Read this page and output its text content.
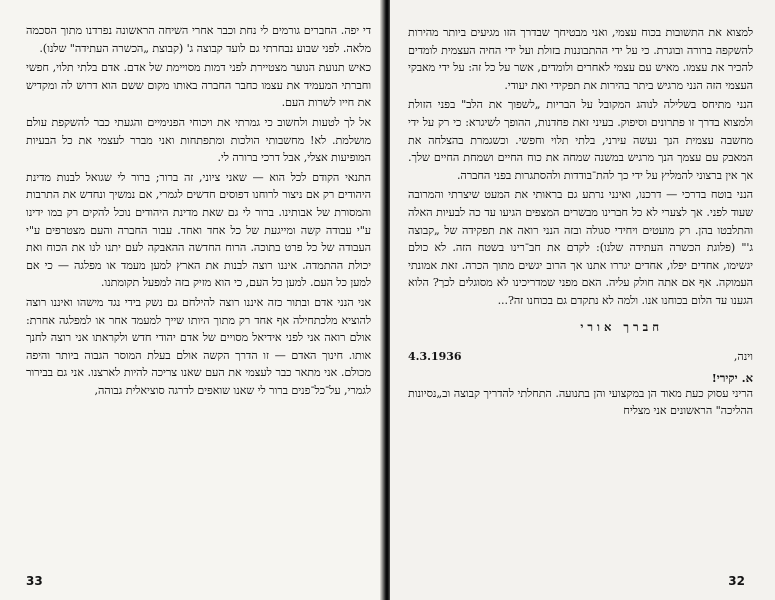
די יפה. החברים גורמים לי נחת וכבר אחרי השיחה הראשונה נפרדנו מתוך הסכמה מלאה. לפני שבוע נבחרתי גם לועד קבוצה ג' (קבוצת „הכשרה העתידה" שלנו).

כאיש תנועת הנוער מצטיירת לפני דמות מסויימת של אדם. אדם בלתי תלוי, חפשי וחברתי המעמיד את עצמו כחבר החברה באותו מקום ששם הוא דרוש לה ומקדיש את חייו לשרות העם.

אל לך לטעות ולחשוב כי גמרתי את ויכוחי הפנימיים והגעתי כבר להשקפת עולם מושלמת. לא! מחשבותי הולכות ומתפתחות ואני מברר לעצמי את כל הבעיות המופיעות אצלי, אבל דרכי ברורה לי.

התנאי הקודם לכל הוא — שאני ציוני, זה ברור; ברור לי שגואל לבנות מדינת היהודים רק אם ניצור לרוחנו דפוסים חדשים לגמרי, אם נמשיך ונחדש את התרבות והמסורת של אבותינו. ברור לי גם שאת מדינת היהודים נוכל להקים רק במו ידינו ע"י עבודה קשה ומייגעת של כל אחד ואחד. עבור החברה והעם מצטרפים ע"י העבודה של כל פרט בתוכה. הרוח החדשה ההאבקה לעם יתנו לנו את הכוח ואת יכולת ההתמדה. איננו רוצה לבנות את הארץ למען מעמד או מפלגה — כי אם למען כל העם. למען כל העם, כי הוא מזיק בזה למפעל תקומתנו.

אני הנני אדם ובתור כזה איננו רוצה להילחם גם נשק בידי נגד מישהו ואיננו רוצה להוציא מלכתחילה אף אחד רק מתוך היותו שייך למעמד אחר או למפלגה אחרת: אולם רואה אני לפני אידיאל מסויים של אדם יהודי חדש ולקראתו אני רוצה לחנך אותו. חינוך האדם — זו הדרך הקשה אולם בעלת המוסר הגבוה ביותר והיפה מכולם. אני מתאר כבר לעצמי את העם שאנו צריכה להיות לארצנו. אני גם בבירור לגמרי, על־כל־פנים ברור לי שאנו שואפים לדרגה סוציאלית גבוהה,

33

למצוא את התשובות בכוח עצמי, ואני מבטיחך שבדרך הזו מגיעים ביותר מהירות להשקפה ברורה ובוגרת. כי על ידי ההתבוננות בזולת ועל ידי החיה העצמית לומדים להכיר את עצמו. מאיש עם עצמי לאחרים ולומדים, אשר על כל זה: על ידי מאבקי העצמי הזה הנני מרגיש ביתר בהירות את תפקידי ואת יעודי.

הנני מתיחס בשלילה לנוהג המקובל על הבריות „לשפוך את הלב" בפני הזולת ולמצוא בדרך זו פתרונים וסיפוק. בעיני זאת פחדנות, ההופך לשיגרא: כי רק על ידי מחשבה עצמית הנך נעשה עירני, בלתי תלוי וחפשי. וכשגמרת בהצלחה את המאבק עם עצמך הנך מרגיש במשנה שמחה את כוח החיים ושמחת החיים שלך. אך אין ברצוני להמליץ על ידי כך להת־בודדות ולהסתגרות בפני החברה.

הנני בוטח בדרכי — דרכנו, ואינני נרתע גם בראותי את המעט שיצרתי והמרובה שעוד לפני. אך לצערי לא כל חברינו מבשרים המצפים הגיעו עד כה לבעיות האלה והתלבטו בהן. רק מועטים ויחידי סגולה ובזה הנני רואה את תפקידה של „קבוצה ג'" (פלוגת הכשרה העתידה שלנו): לקדם את חב־רינו בשטח הזה. לא כולם יגשימו, אחדים יפלו, אחדים יגררו אתנו אך הרוב יגשים מתוך הכרה. זאת אמונתי העמוקה. אף אם אתה חולק עליה. האם מפני שמדריכינו לא מסוגלים לכך? הלוא הגענו עד הלום בכוחנו אנו. ולמה לא נתקדם גם בכוחנו זה?...

חברך אורי
וינה,
4.3.1936
א. יקירי!

הריני עסוק כעת מאוד הן במקצועי והן בתנועה. התחלתי להדריך קבוצה וב„נסיונות ההליכה" הראשונים אני מצליח

32
